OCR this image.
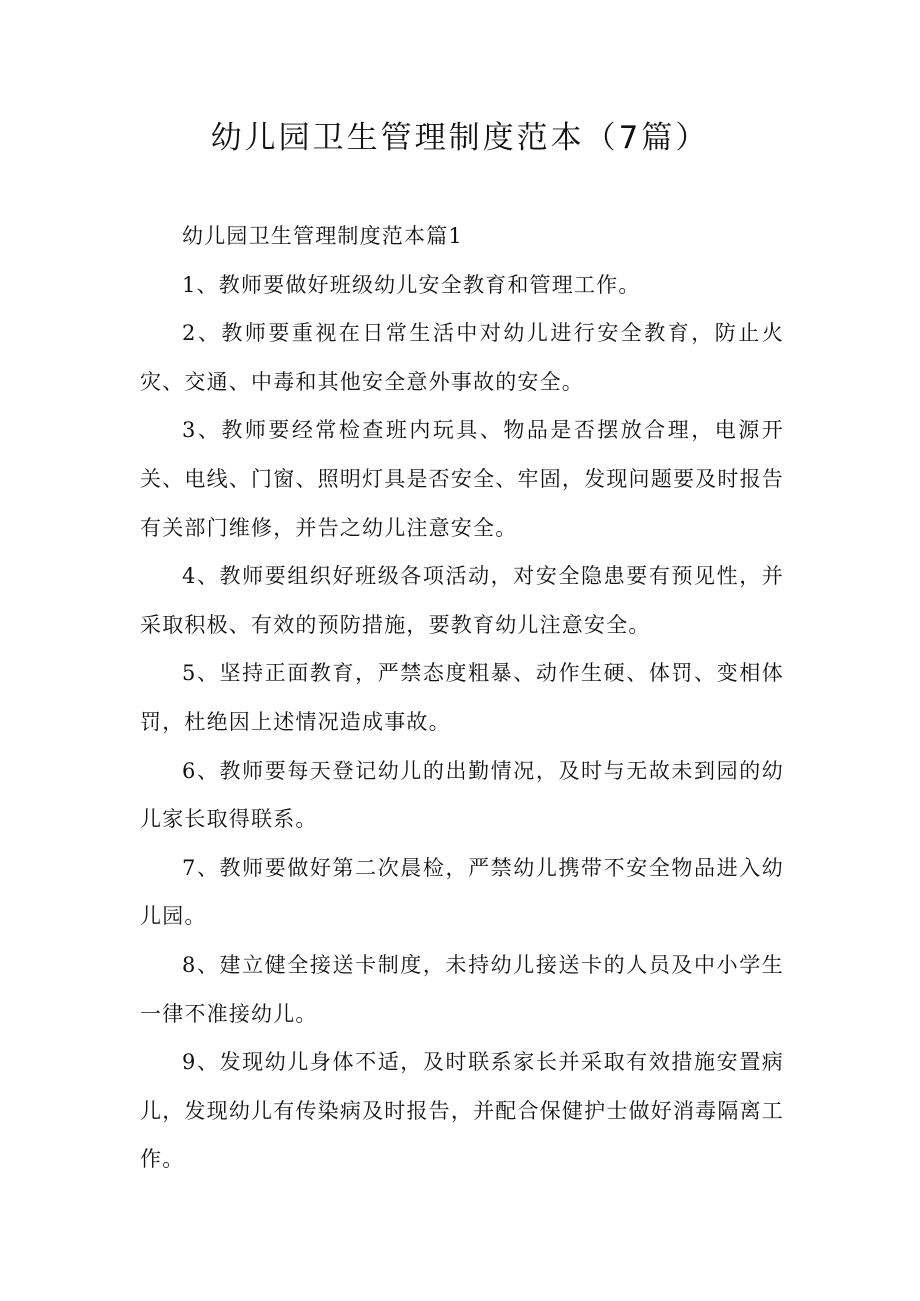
幼儿园卫生管理制度范本（7篇）

幼儿园卫生管理制度范本篇1

1、教师要做好班级幼儿安全教育和管理工作。

2、教师要重视在日常生活中对幼儿进行安全教育，防止火灾、交通、中毒和其他安全意外事故的安全。

3、教师要经常检查班内玩具、物品是否摆放合理，电源开关、电线、门窗、照明灯具是否安全、牢固，发现问题要及时报告有关部门维修，并告之幼儿注意安全。

4、教师要组织好班级各项活动，对安全隐患要有预见性，并采取积极、有效的预防措施，要教育幼儿注意安全。

5、坚持正面教育，严禁态度粗暴、动作生硬、体罚、变相体罚，杜绝因上述情况造成事故。

6、教师要每天登记幼儿的出勤情况，及时与无故未到园的幼儿家长取得联系。

7、教师要做好第二次晨检，严禁幼儿携带不安全物品进入幼儿园。

8、建立健全接送卡制度，未持幼儿接送卡的人员及中小学生一律不准接幼儿。

9、发现幼儿身体不适，及时联系家长并采取有效措施安置病儿，发现幼儿有传染病及时报告，并配合保健护士做好消毒隔离工作。
